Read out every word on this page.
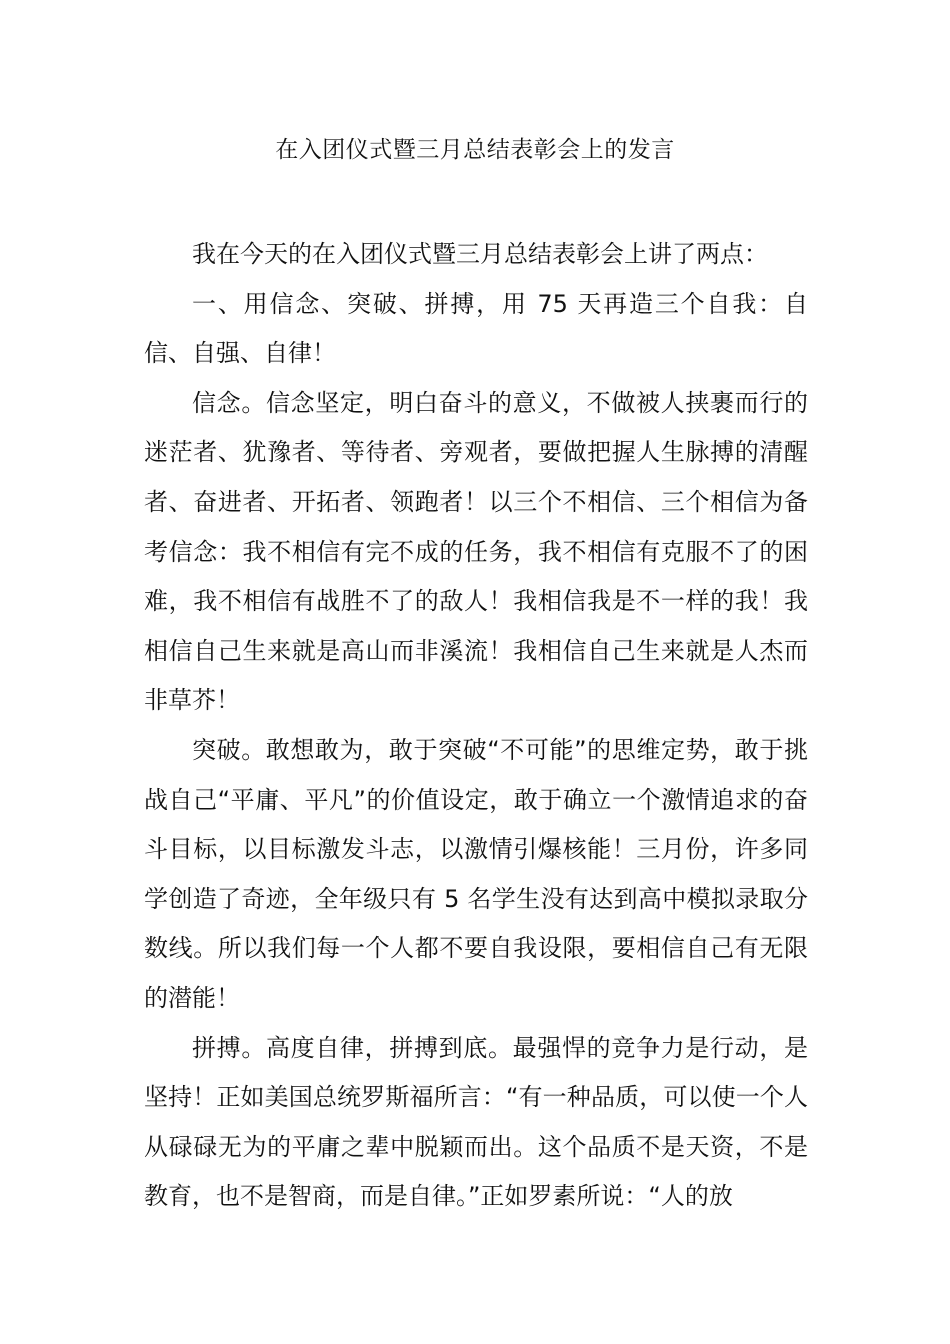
在入团仪式暨三月总结表彰会上的发言

我在今天的在入团仪式暨三月总结表彰会上讲了两点：

一、用信念、突破、拼搏，用 75 天再造三个自我：自信、自强、自律！

信念。信念坚定，明白奋斗的意义，不做被人挟裹而行的迷茫者、犹豫者、等待者、旁观者，要做把握人生脉搏的清醒者、奋进者、开拓者、领跑者！以三个不相信、三个相信为备考信念：我不相信有完不成的任务，我不相信有克服不了的困难，我不相信有战胜不了的敌人！我相信我是不一样的我！我相信自己生来就是高山而非溪流！我相信自己生来就是人杰而非草芥！

突破。敢想敢为，敢于突破“不可能”的思维定势，敢于挑战自己“平庸、平凡”的价值设定，敢于确立一个激情追求的奋斗目标，以目标激发斗志，以激情引爆核能！三月份，许多同学创造了奇迹，全年级只有 5 名学生没有达到高中模拟录取分数线。所以我们每一个人都不要自我设限，要相信自己有无限的潜能！

拼搏。高度自律，拼搏到底。最强悍的竞争力是行动，是坚持！正如美国总统罗斯福所言：“有一种品质，可以使一个人从碌碌无为的平庸之辈中脱颖而出。这个品质不是天资，不是教育，也不是智商，而是自律。”正如罗素所说：“人的放
